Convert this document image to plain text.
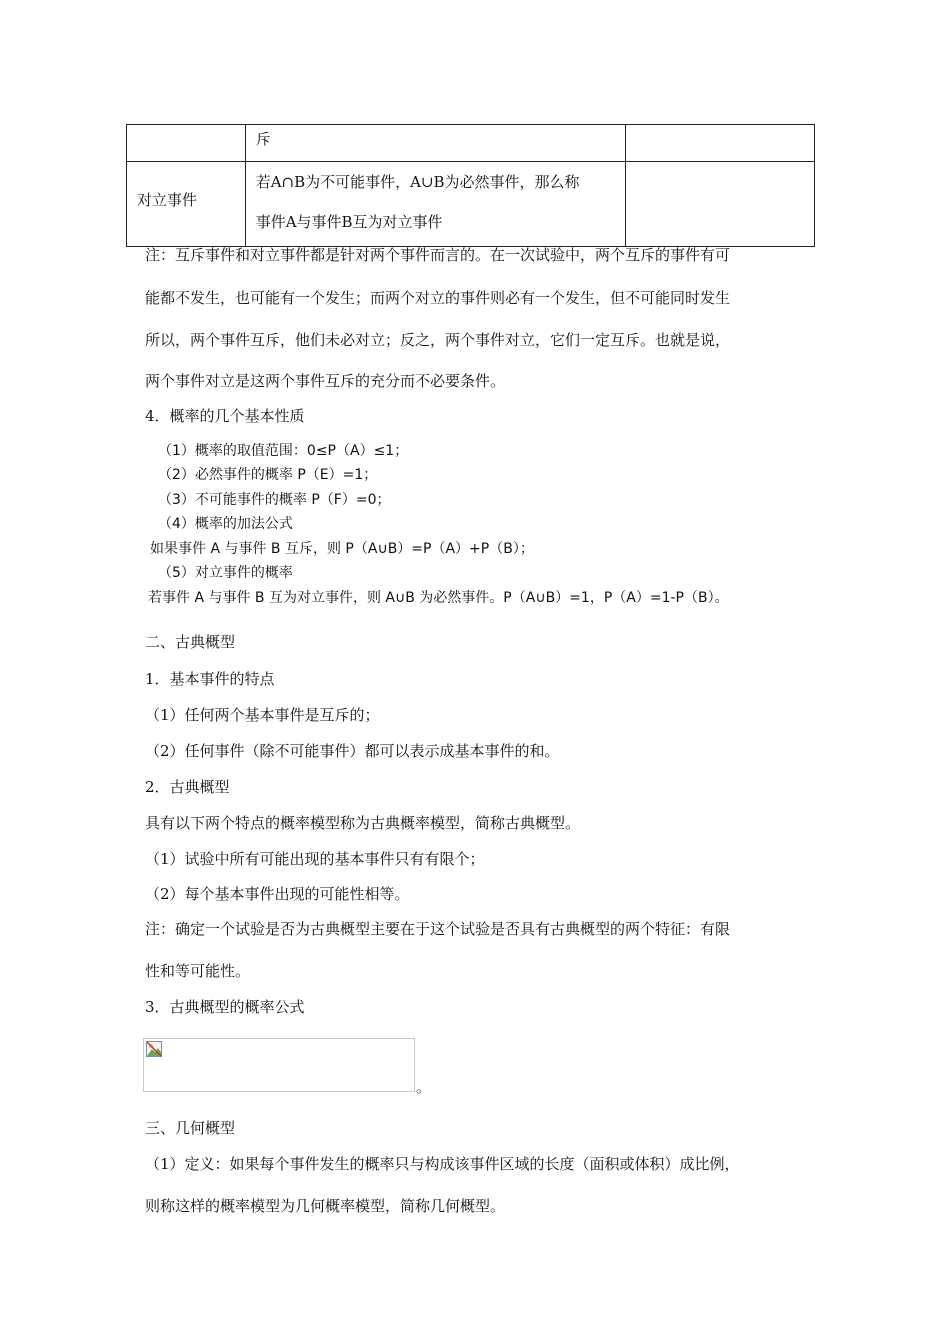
	斥	

对立事件	若A∩B为不可能事件，A∪B为必然事件，那么称
事件A与事件B互为对立事件	

注：互斥事件和对立事件都是针对两个事件而言的。在一次试验中，两个互斥的事件有可
能都不发生，也可能有一个发生；而两个对立的事件则必有一个发生，但不可能同时发生
所以，两个事件互斥，他们未必对立；反之，两个事件对立，它们一定互斥。也就是说，
两个事件对立是这两个事件互斥的充分而不必要条件。
4．概率的几个基本性质
（1）概率的取值范围：0≤P（A）≤1；
（2）必然事件的概率 P（E）=1；
（3）不可能事件的概率 P（F）=0；
（4）概率的加法公式
如果事件 A 与事件 B 互斥，则 P（A∪B）=P（A）+P（B）；
（5）对立事件的概率
若事件 A 与事件 B 互为对立事件，则 A∪B 为必然事件。P（A∪B）=1，P（A）=1-P（B）。
二、古典概型
1．基本事件的特点
（1）任何两个基本事件是互斥的；
（2）任何事件（除不可能事件）都可以表示成基本事件的和。
2．古典概型
具有以下两个特点的概率模型称为古典概率模型，简称古典概型。
（1）试验中所有可能出现的基本事件只有有限个；
（2）每个基本事件出现的可能性相等。
注：确定一个试验是否为古典概型主要在于这个试验是否具有古典概型的两个特征：有限
性和等可能性。
3．古典概型的概率公式
。
三、几何概型
（1）定义：如果每个事件发生的概率只与构成该事件区域的长度（面积或体积）成比例，
则称这样的概率模型为几何概率模型，简称几何概型。
